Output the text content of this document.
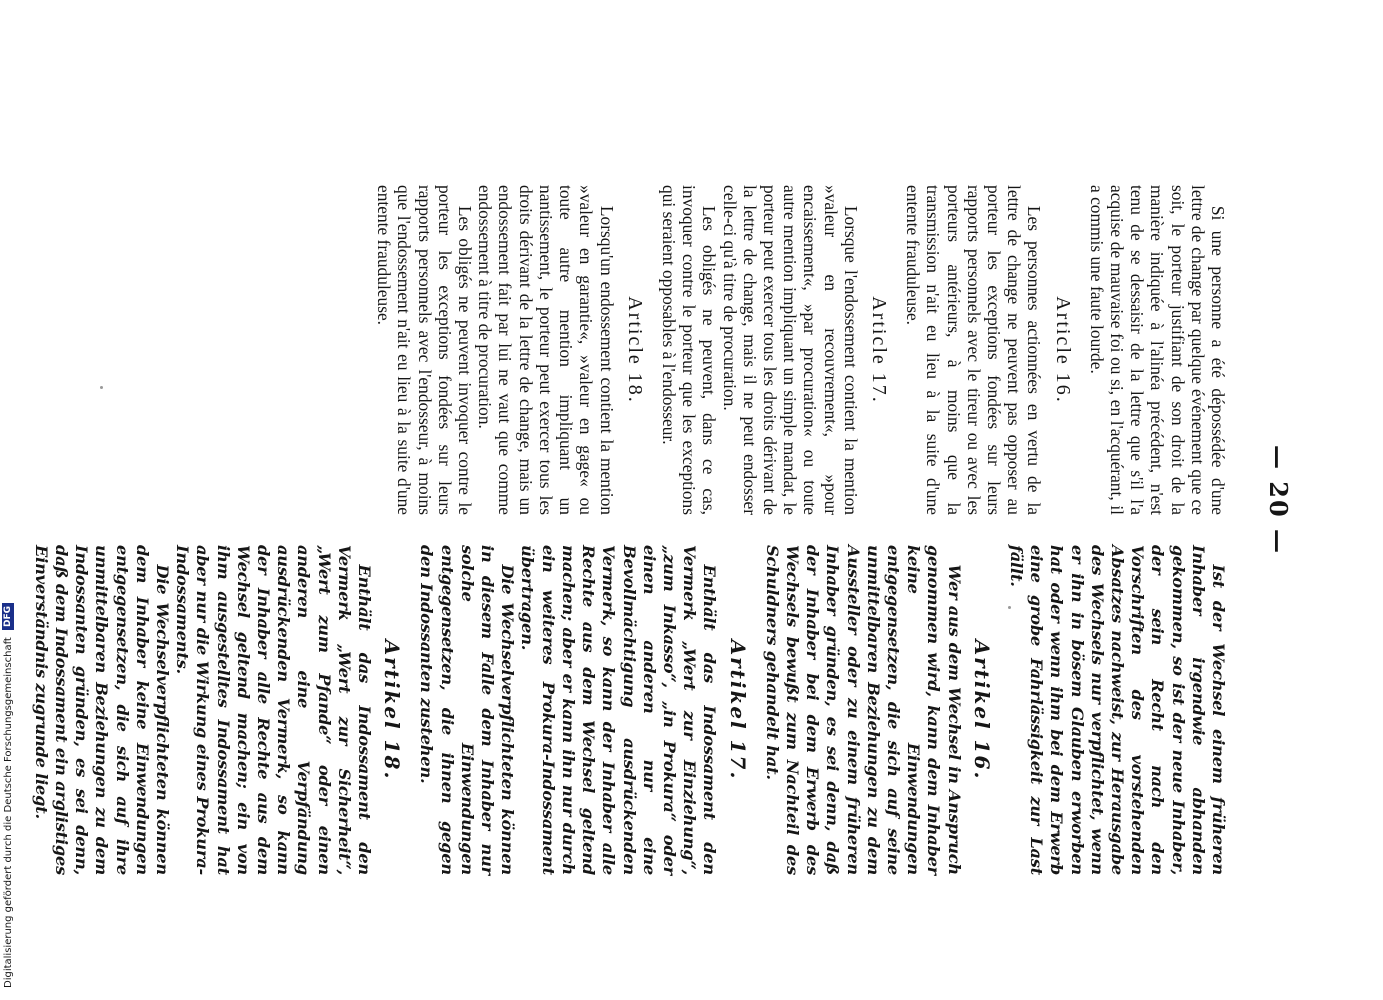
— 20 —

Si une personne a été dépossédée d'une lettre de change par quelque événement que ce soit, le porteur justifiant de son droit de la manière indiquée à l'alinéa précédent, n'est tenu de se dessaisir de la lettre que s'il l'a acquise de mauvaise foi ou si, en l'acquérant, il a commis une faute lourde.

Article 16.

Les personnes actionnées en vertu de la lettre de change ne peuvent pas opposer au porteur les exceptions fondées sur leurs rapports personnels avec le tireur ou avec les porteurs antérieurs, à moins que la transmission n'ait eu lieu à la suite d'une entente frauduleuse.

Article 17.

Lorsque l'endossement contient la mention »valeur en recouvrement«, »pour encaissement«, »par procuration« ou toute autre mention impliquant un simple mandat, le porteur peut exercer tous les droits dérivant de la lettre de change, mais il ne peut endosser celle-ci qu'à titre de procuration.

Les obligés ne peuvent, dans ce cas, invoquer contre le porteur que les exceptions qui seraient opposables à l'endosseur.

Article 18.

Lorsqu'un endossement contient la mention »valeur en garantie«, »valeur en gage« ou toute autre mention impliquant un nantissement, le porteur peut exercer tous les droits dérivant de la lettre de change, mais un endossement fait par lui ne vaut que comme endossement à titre de procuration.

Les obligés ne peuvent invoquer contre le porteur les exceptions fondées sur leurs rapports personnels avec l'endosseur, à moins que l'endossement n'ait eu lieu à la suite d'une entente frauduleuse.

Ist der Wechsel einem früheren Inhaber irgendwie abhanden gekommen, so ist der neue Inhaber, der sein Recht nach den Vorschriften des vorstehenden Absatzes nachweist, zur Herausgabe des Wechsels nur verpflichtet, wenn er ihn in bösem Glauben erworben hat oder wenn ihm bei dem Erwerb eine grobe Fahrlässigkeit zur Last fällt.

Artikel 16.

Wer aus dem Wechsel in Anspruch genommen wird, kann dem Inhaber keine Einwendungen entgegensetzen, die sich auf seine unmittelbaren Beziehungen zu dem Aussteller oder zu einem früheren Inhaber gründen, es sei denn, daß der Inhaber bei dem Erwerb des Wechsels bewußt zum Nachteil des Schuldners gehandelt hat.

Artikel 17.

Enthält das Indossament den Vermerk „Wert zur Einziehung“, „zum Inkasso“, „in Prokura“ oder einen anderen nur eine Bevollmächtigung ausdrückenden Vermerk, so kann der Inhaber alle Rechte aus dem Wechsel geltend machen; aber er kann ihn nur durch ein weiteres Prokura-Indossament übertragen.

Die Wechselverpflichteten können in diesem Falle dem Inhaber nur solche Einwendungen entgegensetzen, die ihnen gegen den Indossanten zustehen.

Artikel 18.

Enthält das Indossament den Vermerk „Wert zur Sicherheit“, „Wert zum Pfande“ oder einen anderen eine Verpfändung ausdrückenden Vermerk, so kann der Inhaber alle Rechte aus dem Wechsel geltend machen; ein von ihm ausgestelltes Indossament hat aber nur die Wirkung eines Prokura-Indossaments.

Die Wechselverpflichteten können dem Inhaber keine Einwendungen entgegensetzen, die sich auf ihre unmittelbaren Beziehungen zu dem Indossanten gründen, es sei denn, daß dem Indossament ein arglistiges Einverständnis zugrunde liegt.

Digitalisierung gefördert durch die Deutsche Forschungsgemeinschaft DFG
